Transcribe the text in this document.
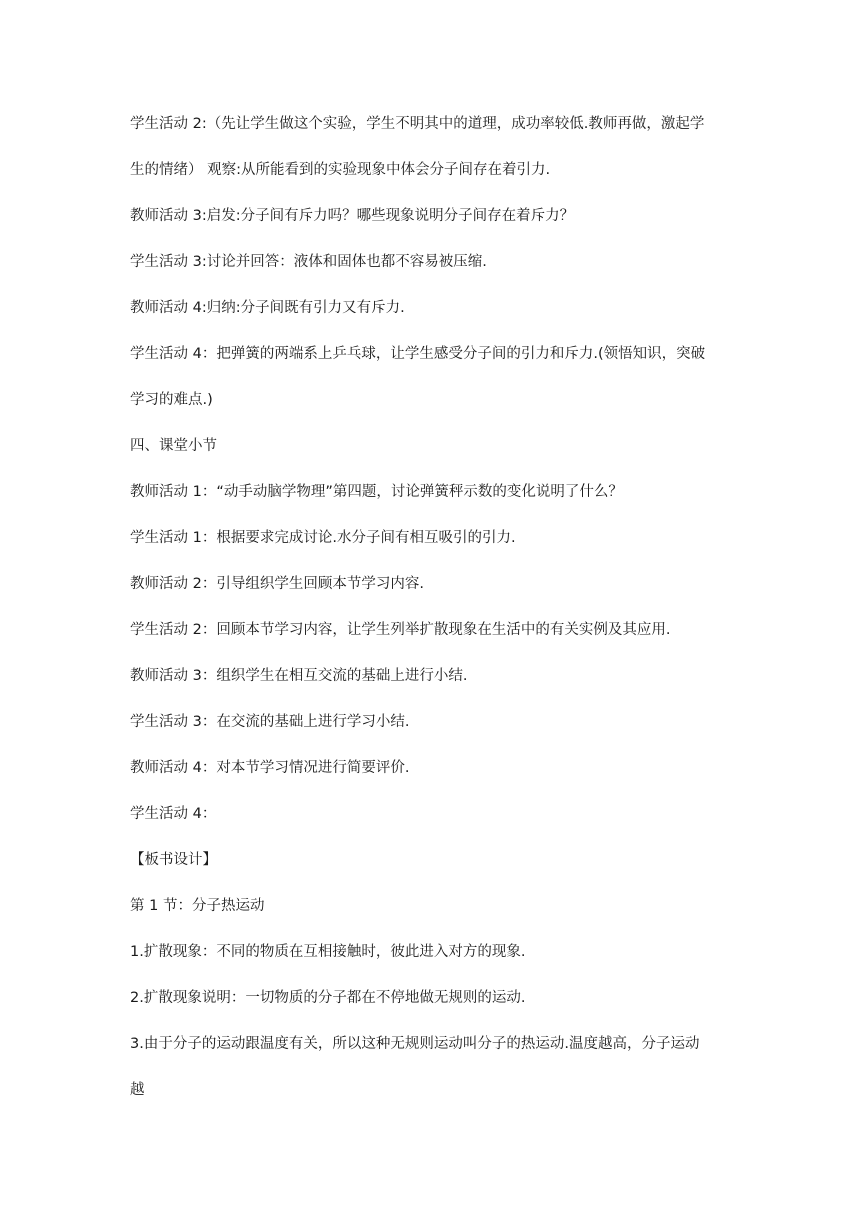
学生活动 2:（先让学生做这个实验，学生不明其中的道理，成功率较低.教师再做，激起学

生的情绪） 观察:从所能看到的实验现象中体会分子间存在着引力.

教师活动 3:启发:分子间有斥力吗？哪些现象说明分子间存在着斥力？

学生活动 3:讨论并回答：液体和固体也都不容易被压缩.

教师活动 4:归纳:分子间既有引力又有斥力.

学生活动 4：把弹簧的两端系上乒乓球，让学生感受分子间的引力和斥力.(领悟知识，突破

学习的难点.)

四、课堂小节

教师活动 1：“动手动脑学物理”第四题，讨论弹簧秤示数的变化说明了什么？

学生活动 1：根据要求完成讨论.水分子间有相互吸引的引力.

教师活动 2：引导组织学生回顾本节学习内容.

学生活动 2：回顾本节学习内容，让学生列举扩散现象在生活中的有关实例及其应用.

教师活动 3：组织学生在相互交流的基础上进行小结.

学生活动 3：在交流的基础上进行学习小结.

教师活动 4：对本节学习情况进行简要评价.

学生活动 4：

【板书设计】

第 1 节：分子热运动

1.扩散现象：不同的物质在互相接触时，彼此进入对方的现象.

2.扩散现象说明：一切物质的分子都在不停地做无规则的运动.

3.由于分子的运动跟温度有关，所以这种无规则运动叫分子的热运动.温度越高，分子运动

越
